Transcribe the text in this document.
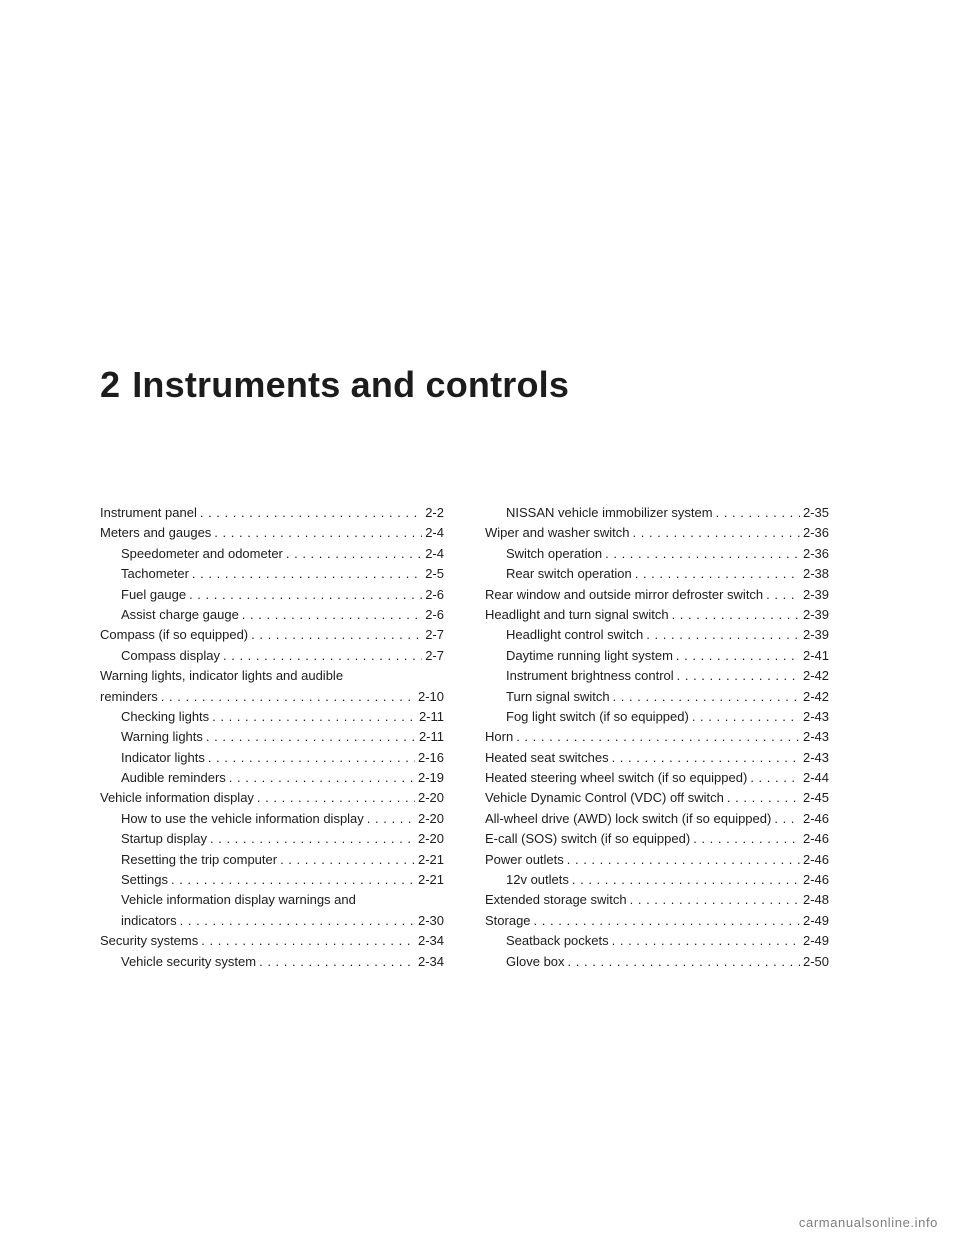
2 Instruments and controls
Instrument panel . . .	2-2
Meters and gauges . . .	2-4
Speedometer and odometer . . .	2-4
Tachometer . . .	2-5
Fuel gauge . . .	2-6
Assist charge gauge . . .	2-6
Compass (if so equipped) . . .	2-7
Compass display . . .	2-7
Warning lights, indicator lights and audible
reminders . . .	2-10
Checking lights . . .	2-11
Warning lights . . .	2-11
Indicator lights . . .	2-16
Audible reminders . . .	2-19
Vehicle information display . . .	2-20
How to use the vehicle information display . . .	2-20
Startup display . . .	2-20
Resetting the trip computer . . .	2-21
Settings . . .	2-21
Vehicle information display warnings and
indicators . . .	2-30
Security systems . . .	2-34
Vehicle security system . . .	2-34
NISSAN vehicle immobilizer system . . .	2-35
Wiper and washer switch . . .	2-36
Switch operation . . .	2-36
Rear switch operation . . .	2-38
Rear window and outside mirror defroster switch . . .	2-39
Headlight and turn signal switch . . .	2-39
Headlight control switch . . .	2-39
Daytime running light system . . .	2-41
Instrument brightness control . . .	2-42
Turn signal switch . . .	2-42
Fog light switch (if so equipped) . . .	2-43
Horn . . .	2-43
Heated seat switches . . .	2-43
Heated steering wheel switch (if so equipped) . . .	2-44
Vehicle Dynamic Control (VDC) off switch . . .	2-45
All-wheel drive (AWD) lock switch (if so equipped) . . . 2-46
E-call (SOS) switch (if so equipped) . . .	2-46
Power outlets . . .	2-46
12v outlets . . .	2-46
Extended storage switch . . .	2-48
Storage . . .	2-49
Seatback pockets . . .	2-49
Glove box . . .	2-50
carmanualsonline.info
